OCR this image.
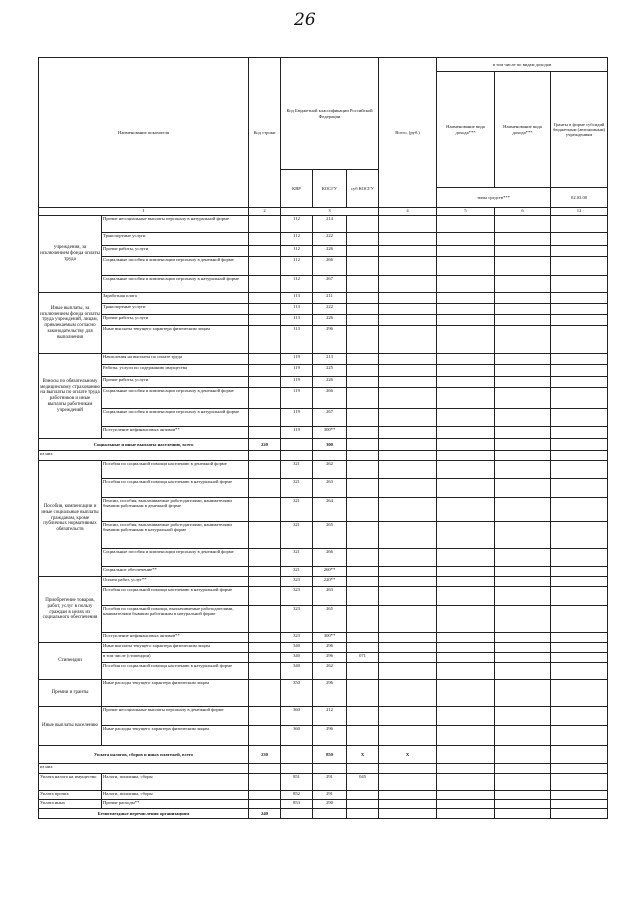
26
Наименование показателя		Код строки	Код Бюджетной классификации Российской Федерации			Всего, (руб.)	в том числе по видам доходов		
							Наименование вида дохода***	Наименование вида дохода***	Гранты в форме субсидий бюджетным (автономным) учреждениям
			КВР	КОСГУ	суб КОСГУ				
							типы средств***		02.03.00
1		2	3			4	5	6	12
учреждения, за исключением фонда оплаты труда	Прочие несоциальные выплаты персоналу в натуральной форме		112	214					
	Транспортные услуги		112	222					
	Прочие работы, услуги		112	226					
	Социальные пособия и компенсации персоналу в денежной форме		112	266					
	Социальные пособия и компенсации персоналу в натуральной форме		112	267					
Иные выплаты, за исключением фонда оплаты труда учреждений, лицам, привлекаемым согласно законодательству для выполнения	Заработная плата		113	211					
	Транспортные услуги		113	222					
	Прочие работы, услуги		113	226					
	Иные выплаты текущего характера физическим лицам		113	296					
Взносы по обязательному медицинскому страхованию на выплаты по оплате труда работников и иные выплаты работникам учреждений	Начисления на выплаты по оплате труда		119	213					
	Работы, услуги по содержанию имущества		119	225					
	Прочие работы, услуги		119	226					
	Социальные пособия и компенсации персоналу в денежной форме		119	266					
	Социальные пособия и компенсации персоналу в натуральной форме		119	267					
	Поступление нефинансовых активов**		119	300**					
Социальные и иные выплаты населению, всего		220		300					
из них									
Пособия, компенсации и иные социальные выплаты гражданам, кроме публичных нормативных обязательств	Пособия по социальной помощи населению в денежной форме		321	262					
	Пособия по социальной помощи населению в натуральной форме		321	263					
	Пенсии, пособия, выплачиваемые работодателями, нанимателями бывшим работникам в денежной форме		321	264					
	Пенсии, пособия, выплачиваемые работодателями, нанимателями бывшим работникам в натуральной форме		321	265					
	Социальные пособия и компенсации персоналу в денежной форме		321	266					
	Социальное обеспечение**		321	260**					
Приобретение товаров, работ, услуг в пользу граждан в целях их социального обеспечения	Оплата работ, услуг**		323	220**					
	Пособия по социальной помощи населению в натуральной форме		323	263					
	Пособия по социальной помощи, выплачиваемые работодателями, нанимателями бывшим работникам в натуральной форме		323	265					
	Поступление нефинансовых активов**		323	300**					
Стипендии	Иные выплаты текущего характера физическим лицам		340	296					
	в том числе (стипендии)		340	296	071				
	Пособия по социальной помощи населению в натуральной форме		340	262					
Премии и гранты	Иные расходы текущего характера физическим лицам		350	296					
Иные выплаты населению	Прочие несоциальные выплаты персоналу в денежной форме		360	212					
	Иные расходы текущего характера физическим лицам		360	296					
Уплата налогов, сборов и иных платежей, всего		230		850	X	X			
из них									
Уплата налога на имущество	Налоги, пошлины, сборы		851	291	045				
Уплата прочих	Налоги, пошлины, сборы		852	291					
Уплата иных	Прочие расходы**		853	290					
Безвозмездные перечисления организациям		240							
